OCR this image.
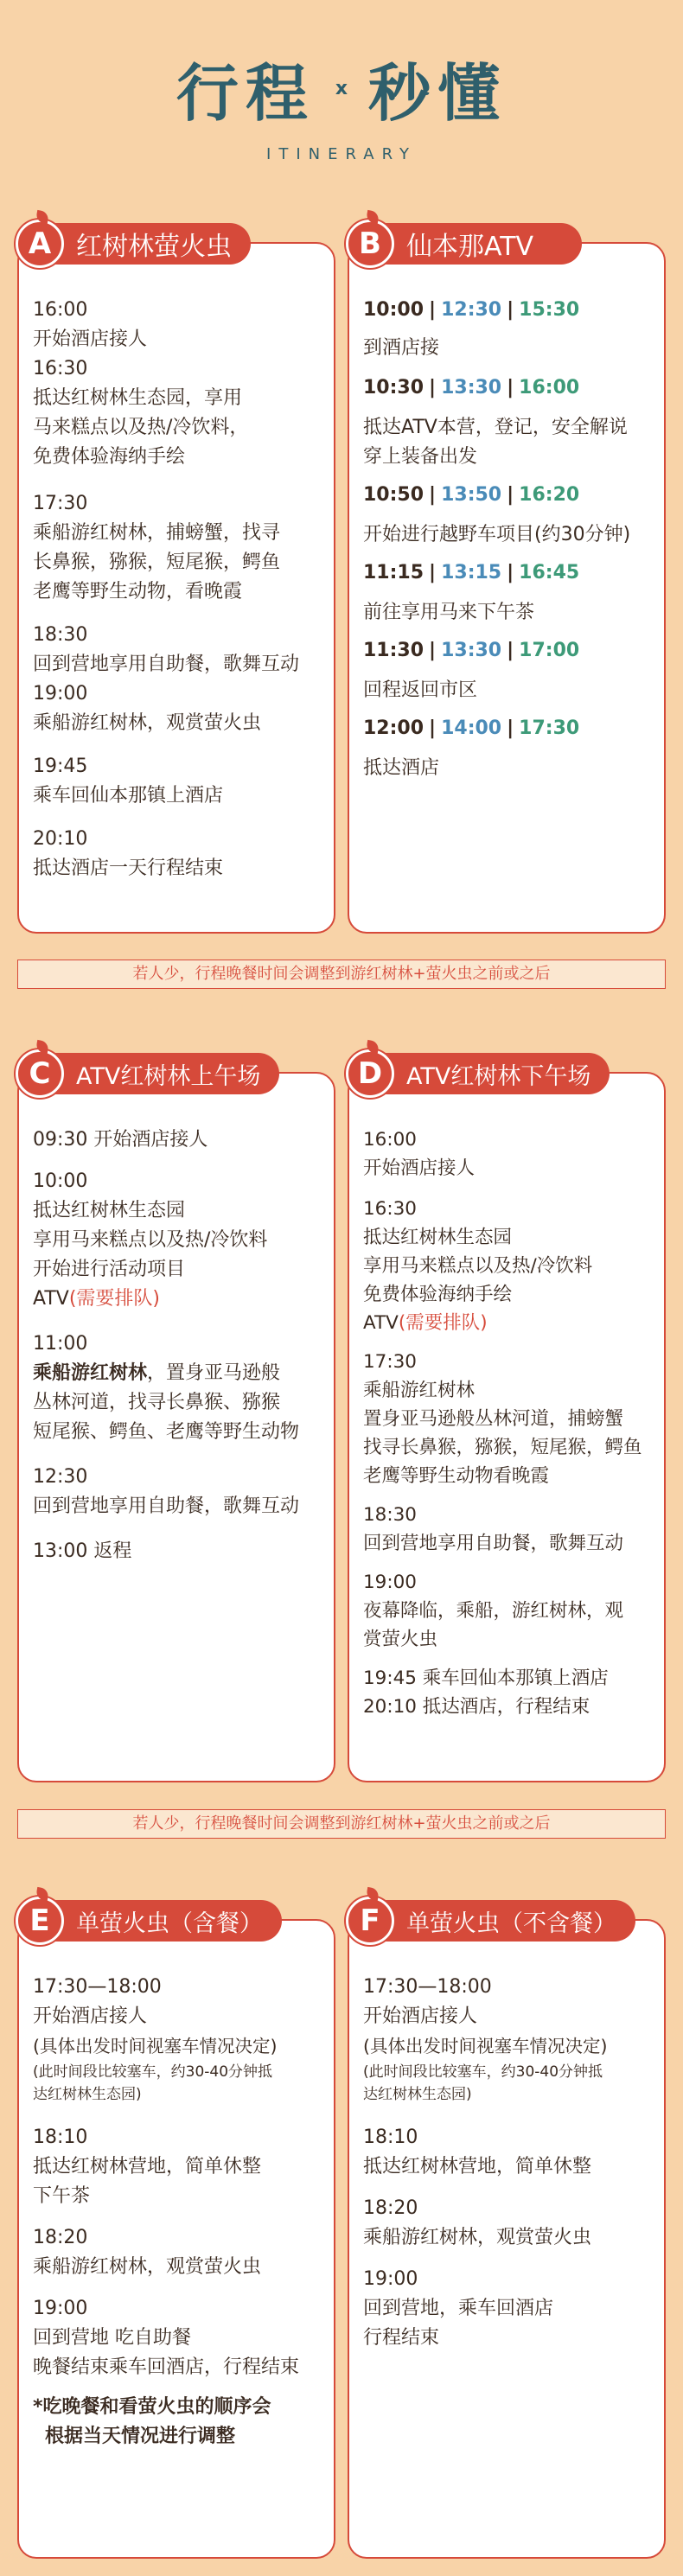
行程 x 秒懂
ITINERARY
A 红树林萤火虫
16:00
开始酒店接人
16:30
抵达红树林生态园，享用
马来糕点以及热/冷饮料，
免费体验海纳手绘
17:30
乘船游红树林，捕螃蟹，找寻
长鼻猴，猕猴，短尾猴，鳄鱼
老鹰等野生动物，看晚霞
18:30
回到营地享用自助餐，歌舞互动
19:00
乘船游红树林，观赏萤火虫
19:45
乘车回仙本那镇上酒店
20:10
抵达酒店一天行程结束
B 仙本那ATV
10:00 | 12:30 | 15:30
到酒店接
10:30 | 13:30 | 16:00
抵达ATV本营，登记，安全解说
穿上装备出发
10:50 | 13:50 | 16:20
开始进行越野车项目(约30分钟)
11:15 | 13:15 | 16:45
前往享用马来下午茶
11:30 | 13:30 | 17:00
回程返回市区
12:00 | 14:00 | 17:30
抵达酒店
若人少，行程晚餐时间会调整到游红树林+萤火虫之前或之后
C	ATV红树林上午场
09:30 开始酒店接人
10:00
抵达红树林生态园
享用马来糕点以及热/冷饮料
开始进行活动项目
ATV(需要排队)
11:00
乘船游红树林，置身亚马逊般
丛林河道，找寻长鼻猴、猕猴
短尾猴、鳄鱼、老鹰等野生动物
12:30
回到营地享用自助餐，歌舞互动
13:00 返程
D	ATV红树林下午场
16:00
开始酒店接人
16:30
抵达红树林生态园
享用马来糕点以及热/冷饮料
免费体验海纳手绘
ATV(需要排队)
17:30
乘船游红树林
置身亚马逊般丛林河道，捕螃蟹
找寻长鼻猴，猕猴，短尾猴，鳄鱼
老鹰等野生动物看晚霞
18:30
回到营地享用自助餐，歌舞互动
19:00
夜幕降临，乘船，游红树林，观
赏萤火虫
19:45 乘车回仙本那镇上酒店
20:10 抵达酒店，行程结束
若人少，行程晚餐时间会调整到游红树林+萤火虫之前或之后
E	单萤火虫（含餐）
17:30—18:00
开始酒店接人
(具体出发时间视塞车情况决定)
(此时间段比较塞车，约30-40分钟抵
达红树林生态园)
18:10
抵达红树林营地，简单休整
下午茶
18:20
乘船游红树林，观赏萤火虫
19:00
回到营地 吃自助餐
晚餐结束乘车回酒店，行程结束
*吃晚餐和看萤火虫的顺序会
根据当天情况进行调整
F	单萤火虫（不含餐）
17:30—18:00
开始酒店接人
(具体出发时间视塞车情况决定)
(此时间段比较塞车，约30-40分钟抵
达红树林生态园)
18:10
抵达红树林营地，简单休整
18:20
乘船游红树林，观赏萤火虫
19:00
回到营地，乘车回酒店
行程结束
